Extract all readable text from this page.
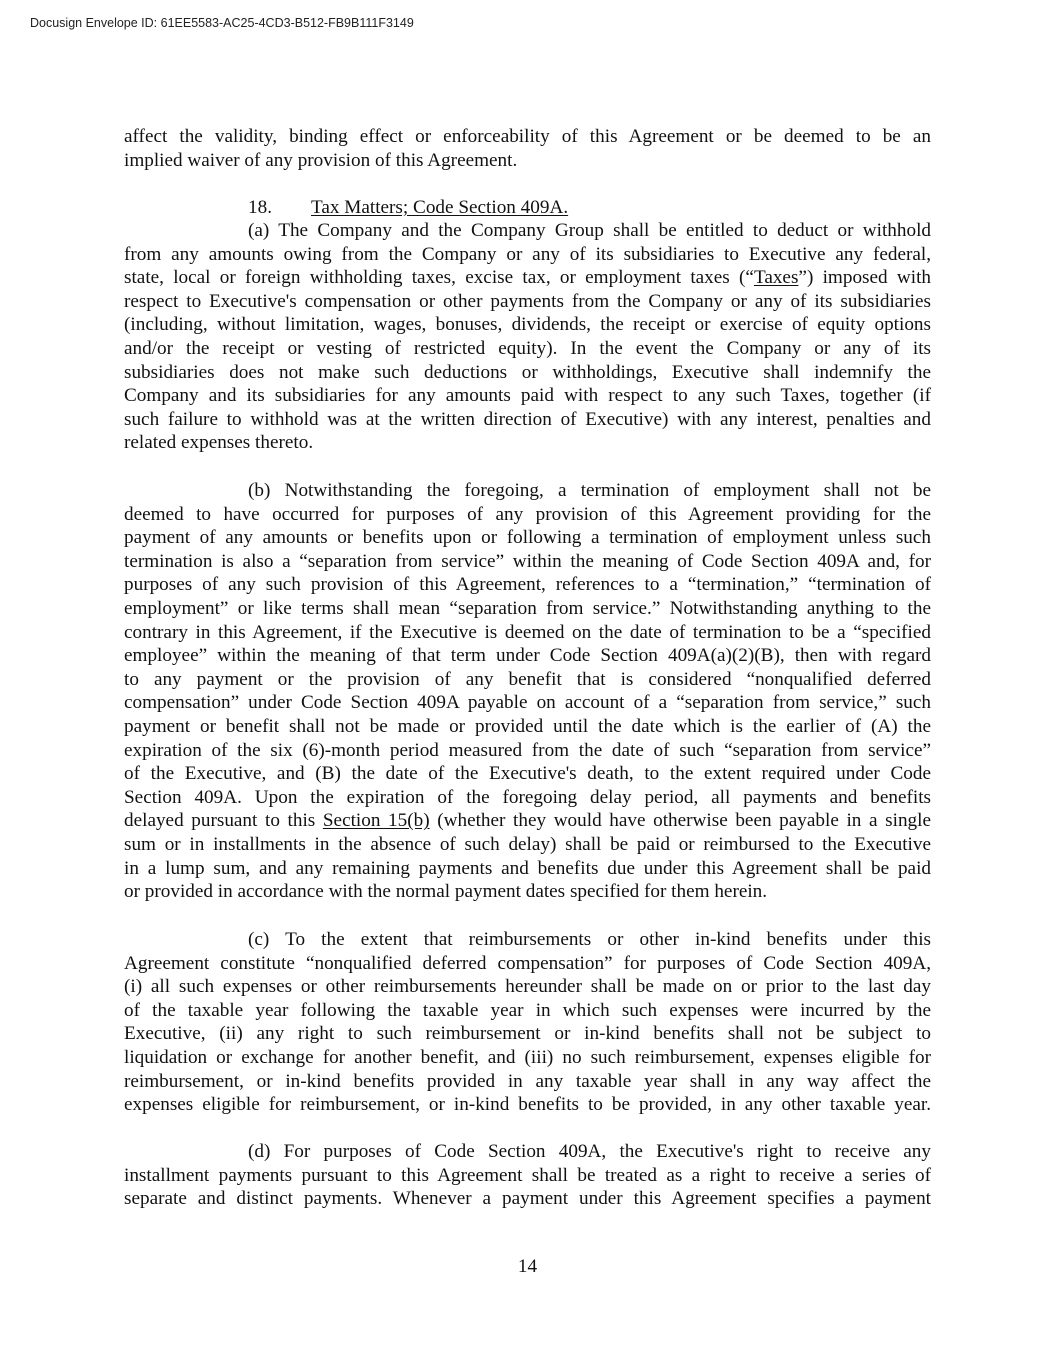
Docusign Envelope ID: 61EE5583-AC25-4CD3-B512-FB9B111F3149
affect the validity, binding effect or enforceability of this Agreement or be deemed to be an
implied waiver of any provision of this Agreement.
18. Tax Matters; Code Section 409A.
(a) The Company and the Company Group shall be entitled to deduct or withhold
from any amounts owing from the Company or any of its subsidiaries to Executive any federal,
state, local or foreign withholding taxes, excise tax, or employment taxes (“Taxes”) imposed with
respect to Executive's compensation or other payments from the Company or any of its subsidiaries
(including, without limitation, wages, bonuses, dividends, the receipt or exercise of equity options
and/or the receipt or vesting of restricted equity). In the event the Company or any of its
subsidiaries does not make such deductions or withholdings, Executive shall indemnify the
Company and its subsidiaries for any amounts paid with respect to any such Taxes, together (if
such failure to withhold was at the written direction of Executive) with any interest, penalties and
related expenses thereto.
(b) Notwithstanding the foregoing, a termination of employment shall not be
deemed to have occurred for purposes of any provision of this Agreement providing for the
payment of any amounts or benefits upon or following a termination of employment unless such
termination is also a “separation from service” within the meaning of Code Section 409A and, for
purposes of any such provision of this Agreement, references to a “termination,” “termination of
employment” or like terms shall mean “separation from service.” Notwithstanding anything to the
contrary in this Agreement, if the Executive is deemed on the date of termination to be a “specified
employee” within the meaning of that term under Code Section 409A(a)(2)(B), then with regard
to any payment or the provision of any benefit that is considered “nonqualified deferred
compensation” under Code Section 409A payable on account of a “separation from service,” such
payment or benefit shall not be made or provided until the date which is the earlier of (A) the
expiration of the six (6)-month period measured from the date of such “separation from service”
of the Executive, and (B) the date of the Executive's death, to the extent required under Code
Section 409A. Upon the expiration of the foregoing delay period, all payments and benefits
delayed pursuant to this Section 15(b) (whether they would have otherwise been payable in a single
sum or in installments in the absence of such delay) shall be paid or reimbursed to the Executive
in a lump sum, and any remaining payments and benefits due under this Agreement shall be paid
or provided in accordance with the normal payment dates specified for them herein.
(c) To the extent that reimbursements or other in-kind benefits under this
Agreement constitute “nonqualified deferred compensation” for purposes of Code Section 409A,
(i) all such expenses or other reimbursements hereunder shall be made on or prior to the last day
of the taxable year following the taxable year in which such expenses were incurred by the
Executive, (ii) any right to such reimbursement or in-kind benefits shall not be subject to
liquidation or exchange for another benefit, and (iii) no such reimbursement, expenses eligible for
reimbursement, or in-kind benefits provided in any taxable year shall in any way affect the
expenses eligible for reimbursement, or in-kind benefits to be provided, in any other taxable year.
(d) For purposes of Code Section 409A, the Executive's right to receive any
installment payments pursuant to this Agreement shall be treated as a right to receive a series of
separate and distinct payments. Whenever a payment under this Agreement specifies a payment
14
